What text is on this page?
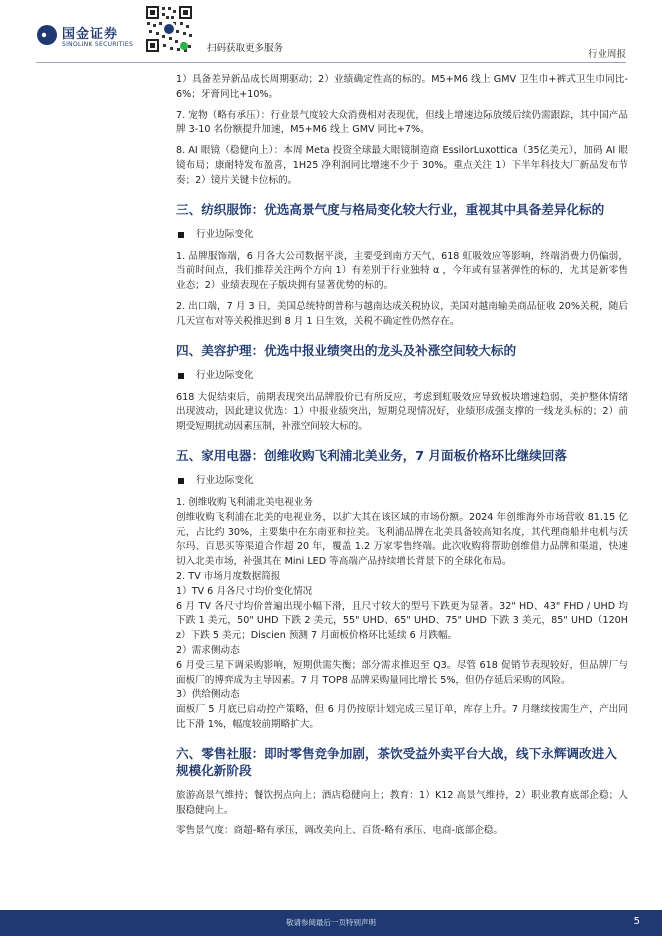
国金证券
SINOLINK SECURITIES	扫码获取更多服务
行业周报

1）具备差异新品成长周期驱动；2）业绩确定性高的标的。M5+M6 线上 GMV 卫生巾+裤式卫生巾同比-6%；牙膏同比+10%。

7. 宠物（略有承压）：行业景气度较大众消费相对表现优，但线上增速边际放缓后续仍需跟踪，其中国产品牌 3-10 名份额提升加速，M5+M6 线上 GMV 同比+7%。

8. AI 眼镜（稳健向上）：本周 Meta 投资全球最大眼镜制造商 EssilorLuxottica（35亿美元），加码 AI 眼镜布局；康耐特发布盈喜，1H25 净利润同比增速不少于 30%。重点关注 1）下半年科技大厂新品发布节奏；2）镜片关键卡位标的。

三、纺织服饰：优选高景气度与格局变化较大行业，重视其中具备差异化标的
行业边际变化

1. 品牌服饰端，6 月各大公司数据平淡，主要受到南方天气、618 虹吸效应等影响，终端消费力仍偏弱，当前时间点，我们推荐关注两个方向 1）有差别于行业独特 α ，今年或有显著弹性的标的，尤其是新零售业态；2）业绩表现在子版块拥有显著优势的标的。

2. 出口端，7 月 3 日，美国总统特朗普称与越南达成关税协议，美国对越南输美商品征收 20%关税，随后几天宣布对等关税推迟到 8 月 1 日生效，关税不确定性仍然存在。

四、美容护理：优选中报业绩突出的龙头及补涨空间较大标的
行业边际变化

618 大促结束后，前期表现突出品牌股价已有所反应，考虑到虹吸效应导致板块增速趋弱，美护整体情绪出现波动，因此建议优选：1）中报业绩突出，短期兑现情况好，业绩形成强支撑的一线龙头标的；2）前期受短期扰动因素压制，补涨空间较大标的。

五、家用电器：创维收购飞利浦北美业务，7 月面板价格环比继续回落
行业边际变化

1. 创维收购飞利浦北美电视业务

创维收购飞利浦在北美的电视业务，以扩大其在该区域的市场份额。2024 年创维海外市场营收 81.15 亿元，占比约 30%，主要集中在东南亚和拉美。飞利浦品牌在北美具备较高知名度，其代理商船井电机与沃尔玛、百思买等渠道合作超 20 年，覆盖 1.2 万家零售终端。此次收购将帮助创维借力品牌和渠道，快速切入北美市场，补强其在 Mini LED 等高端产品持续增长背景下的全球化布局。

2. TV 市场月度数据简报

1）TV 6 月各尺寸均价变化情况

6 月 TV 各尺寸均价普遍出现小幅下滑，且尺寸较大的型号下跌更为显著。32" HD、43" FHD / UHD 均下跌 1 美元，50" UHD 下跌 2 美元，55" UHD、65" UHD、75" UHD 下跌 3 美元，85" UHD（120Hz）下跌 5 美元；Discien 预测 7 月面板价格环比延续 6 月跌幅。

2）需求侧动态

6 月受三星下调采购影响，短期供需失衡；部分需求推迟至 Q3。尽管 618 促销节表现较好，但品牌厂与面板厂的博弈成为主导因素。7 月 TOP8 品牌采购量同比增长 5%，但仍存延后采购的风险。

3）供给侧动态

面板厂 5 月底已启动控产策略，但 6 月仍按原计划完成三星订单，库存上升。7 月继续按需生产，产出同比下滑 1%，幅度较前期略扩大。

六、零售社服：即时零售竞争加剧，茶饮受益外卖平台大战，线下永辉调改进入规模化新阶段

旅游高景气维持；餐饮拐点向上；酒店稳健向上；教育：1）K12 高景气维持，2）职业教育底部企稳；人服稳健向上。

零售景气度：商超-略有承压，调改美向上、百货-略有承压、电商-底部企稳。

敬请参阅最后一页特别声明	5
